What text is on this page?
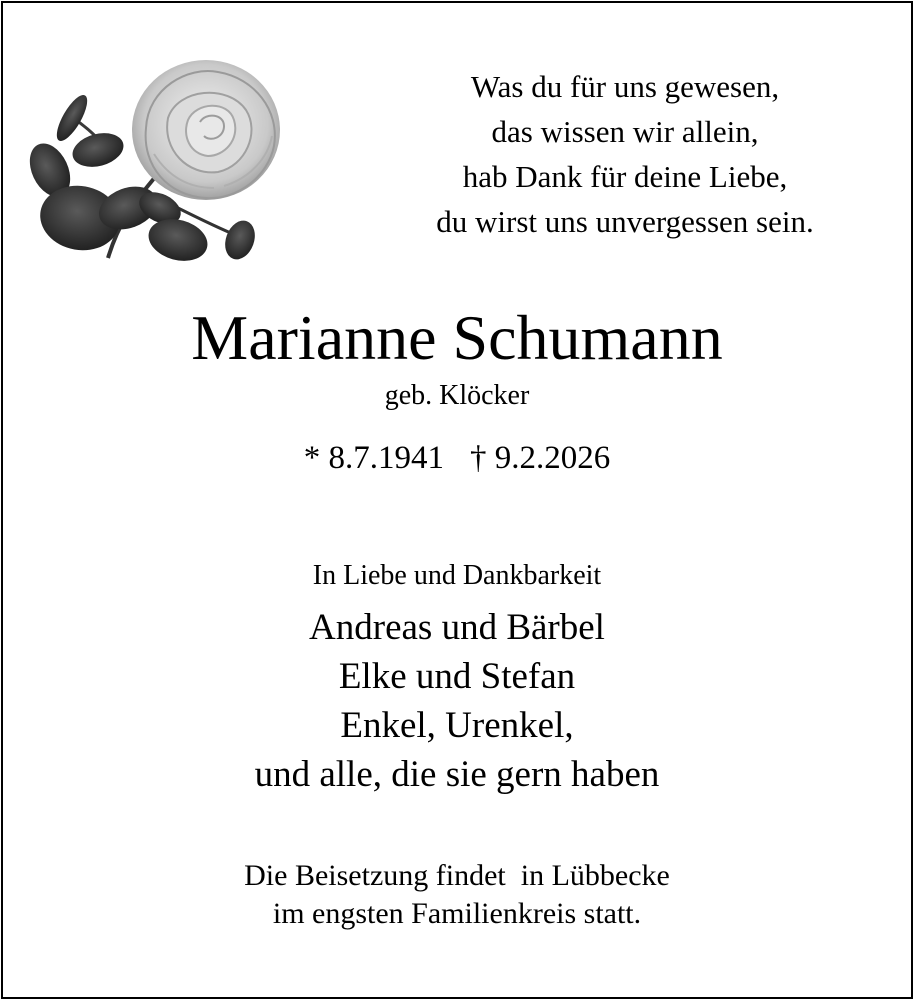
Was du für uns gewesen,
das wissen wir allein,
hab Dank für deine Liebe,
du wirst uns unvergessen sein.
Marianne Schumann
geb. Klöcker
* 8.7.1941 † 9.2.2026
In Liebe und Dankbarkeit
Andreas und Bärbel
Elke und Stefan
Enkel, Urenkel,
und alle, die sie gern haben
Die Beisetzung findet  in Lübbecke
im engsten Familienkreis statt.
